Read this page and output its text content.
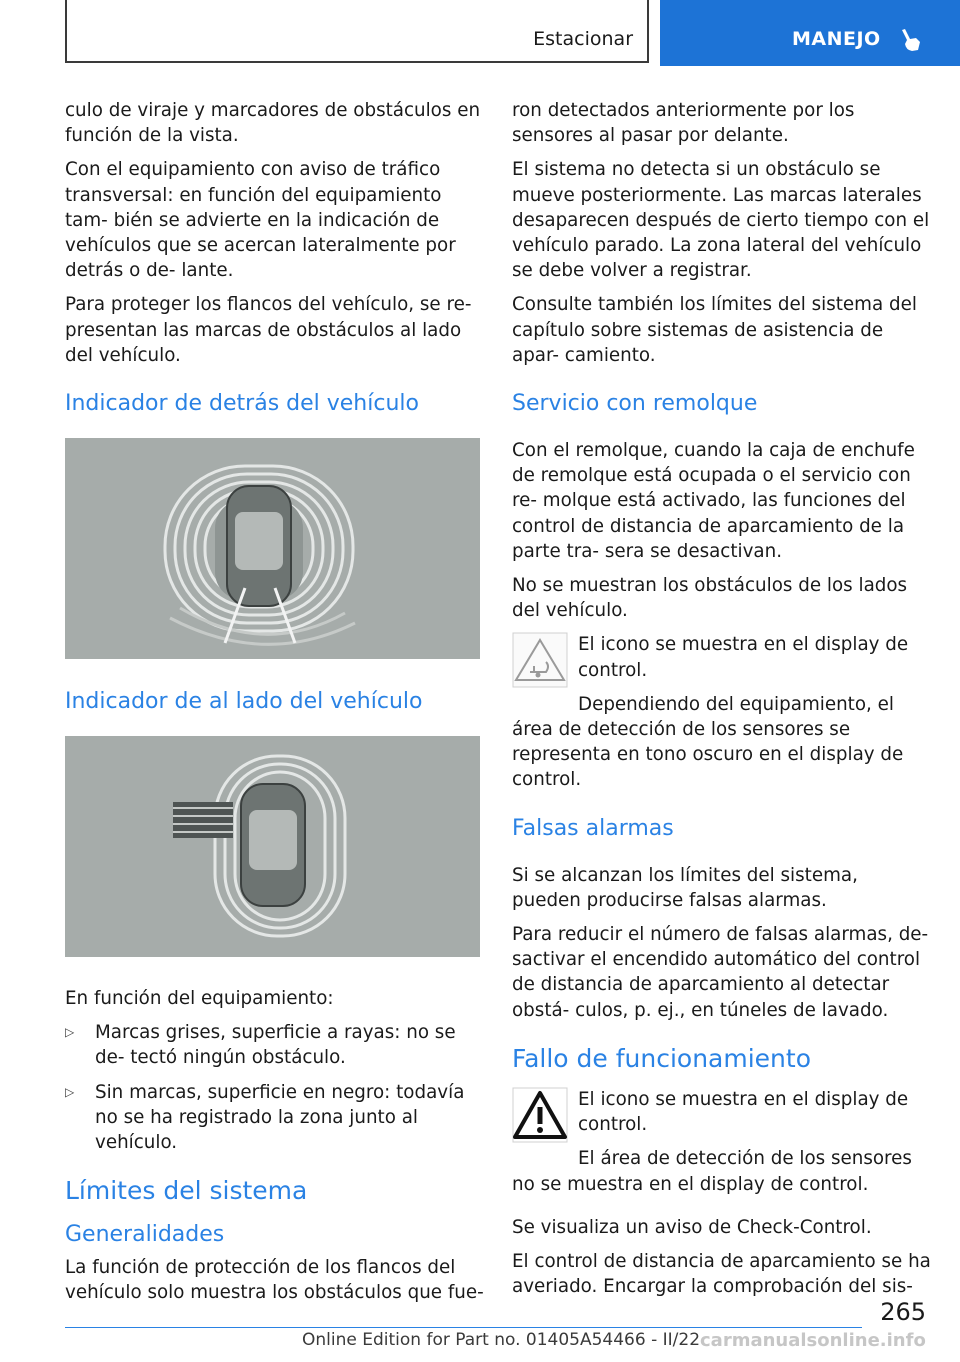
Estacionar	MANEJO

culo de viraje y marcadores de obstáculos en función de la vista.

Con el equipamiento con aviso de tráfico transversal: en función del equipamiento tam- bién se advierte en la indicación de vehículos que se acercan lateralmente por detrás o de- lante.

Para proteger los flancos del vehículo, se re- presentan las marcas de obstáculos al lado del vehículo.

Indicador de detrás del vehículo
Indicador de al lado del vehículo

En función del equipamiento:

▷ Marcas grises, superficie a rayas: no se de- tectó ningún obstáculo.
▷ Sin marcas, superficie en negro: todavía no se ha registrado la zona junto al vehículo.
Límites del sistema
Generalidades

La función de protección de los flancos del vehículo solo muestra los obstáculos que fue-

ron detectados anteriormente por los sensores al pasar por delante.

El sistema no detecta si un obstáculo se mueve posteriormente. Las marcas laterales desaparecen después de cierto tiempo con el vehículo parado. La zona lateral del vehículo se debe volver a registrar.

Consulte también los límites del sistema del capítulo sobre sistemas de asistencia de apar- camiento.

Servicio con remolque

Con el remolque, cuando la caja de enchufe de remolque está ocupada o el servicio con re- molque está activado, las funciones del control de distancia de aparcamiento de la parte tra- sera se desactivan.

No se muestran los obstáculos de los lados del vehículo.

El icono se muestra en el display de control.

Dependiendo del equipamiento, el área de detección de los sensores se representa en tono oscuro en el display de control.

Falsas alarmas

Si se alcanzan los límites del sistema, pueden producirse falsas alarmas.

Para reducir el número de falsas alarmas, de- sactivar el encendido automático del control de distancia de aparcamiento al detectar obstá- culos, p. ej., en túneles de lavado.

Fallo de funcionamiento

El icono se muestra en el display de control.

El área de detección de los sensores no se muestra en el display de control.

Se visualiza un aviso de Check-Control.

El control de distancia de aparcamiento se ha averiado. Encargar la comprobación del sis-

265
Online Edition for Part no. 01405A54466 - II/22 carmanualsonline.info
